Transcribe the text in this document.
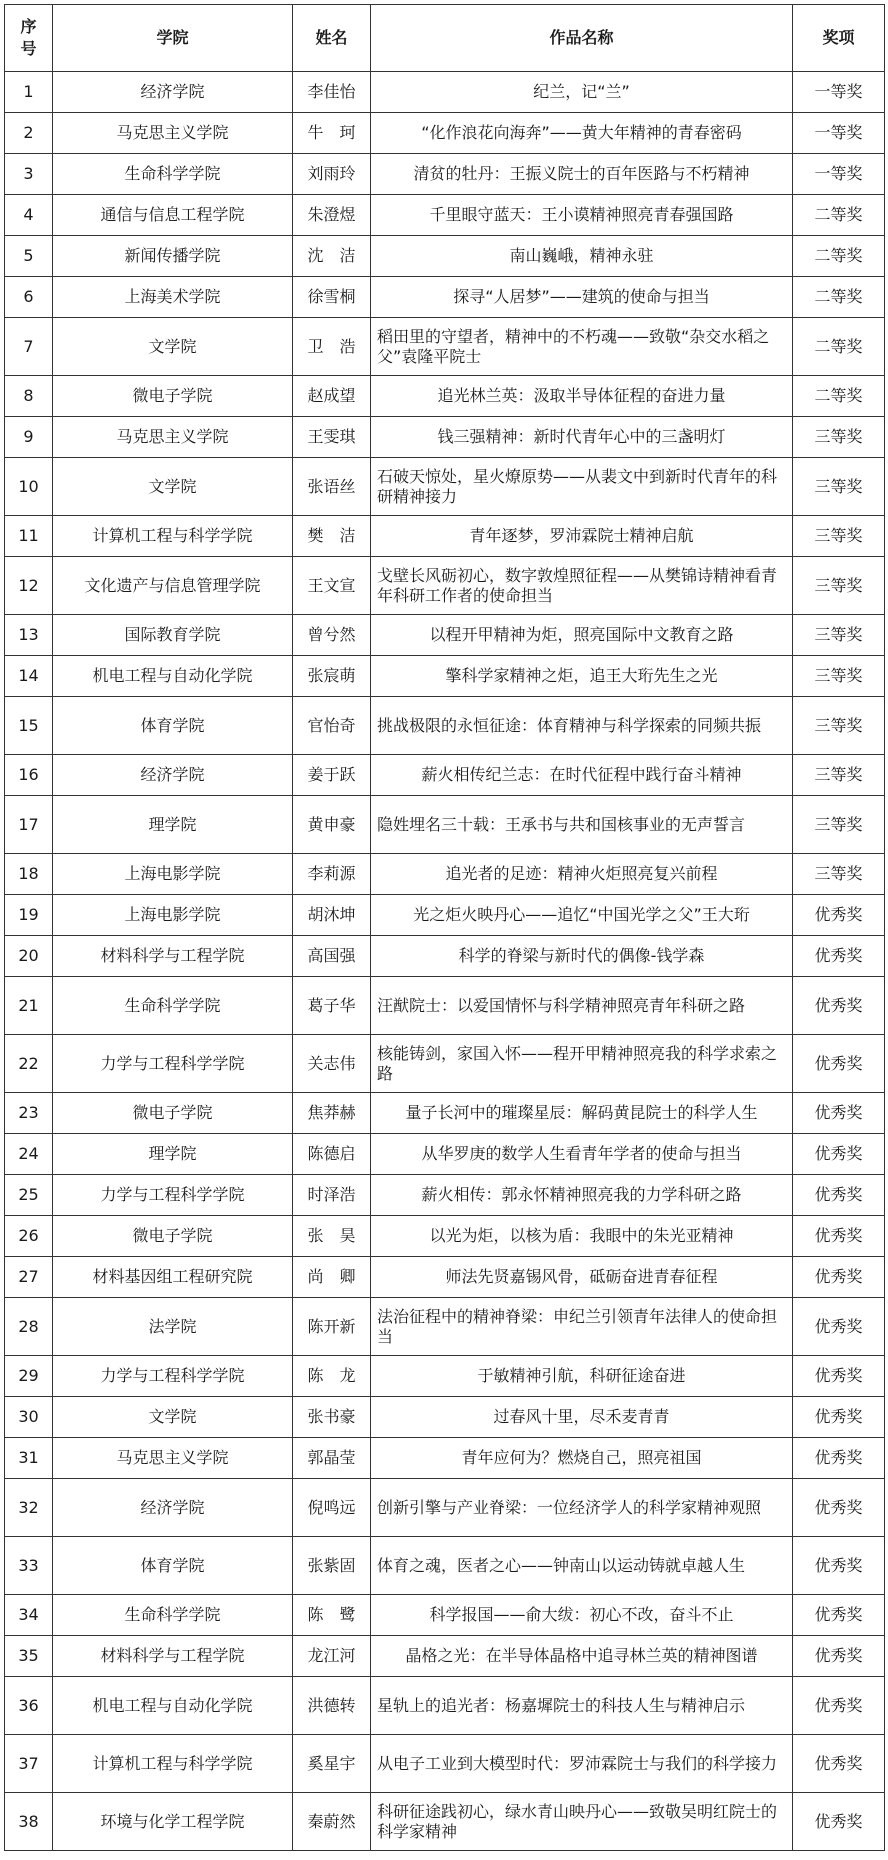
序
号	学院	姓名	作品名称	奖项
1	经济学院	李佳怡	纪兰，记“兰”	一等奖
2	马克思主义学院	牛　珂	“化作浪花向海奔”——黄大年精神的青春密码	一等奖
3	生命科学学院	刘雨玲	清贫的牡丹：王振义院士的百年医路与不朽精神	一等奖
4	通信与信息工程学院	朱澄煜	千里眼守蓝天：王小谟精神照亮青春强国路	二等奖
5	新闻传播学院	沈　洁	南山巍峨，精神永驻	二等奖
6	上海美术学院	徐雪桐	探寻“人居梦”——建筑的使命与担当	二等奖
7	文学院	卫　浩	稻田里的守望者，精神中的不朽魂——致敬“杂交水稻之父”袁隆平院士	二等奖
8	微电子学院	赵成望	追光林兰英：汲取半导体征程的奋进力量	二等奖
9	马克思主义学院	王雯琪	钱三强精神：新时代青年心中的三盏明灯	三等奖
10	文学院	张语丝	石破天惊处，星火燎原势——从裴文中到新时代青年的科研精神接力	三等奖
11	计算机工程与科学学院	樊　洁	青年逐梦，罗沛霖院士精神启航	三等奖
12	文化遗产与信息管理学院	王文宣	戈壁长风砺初心，数字敦煌照征程——从樊锦诗精神看青年科研工作者的使命担当	三等奖
13	国际教育学院	曾兮然	以程开甲精神为炬，照亮国际中文教育之路	三等奖
14	机电工程与自动化学院	张宸萌	擎科学家精神之炬，追王大珩先生之光	三等奖
15	体育学院	官怡奇	挑战极限的永恒征途：体育精神与科学探索的同频共振	三等奖
16	经济学院	姜于跃	薪火相传纪兰志：在时代征程中践行奋斗精神	三等奖
17	理学院	黄申豪	隐姓埋名三十载：王承书与共和国核事业的无声誓言	三等奖
18	上海电影学院	李莉源	追光者的足迹：精神火炬照亮复兴前程	三等奖
19	上海电影学院	胡沐坤	光之炬火映丹心——追忆“中国光学之父”王大珩	优秀奖
20	材料科学与工程学院	高国强	科学的脊梁与新时代的偶像-钱学森	优秀奖
21	生命科学学院	葛子华	汪猷院士：以爱国情怀与科学精神照亮青年科研之路	优秀奖
22	力学与工程科学学院	关志伟	核能铸剑，家国入怀——程开甲精神照亮我的科学求索之路	优秀奖
23	微电子学院	焦莽赫	量子长河中的璀璨星辰：解码黄昆院士的科学人生	优秀奖
24	理学院	陈德启	从华罗庚的数学人生看青年学者的使命与担当	优秀奖
25	力学与工程科学学院	时泽浩	薪火相传：郭永怀精神照亮我的力学科研之路	优秀奖
26	微电子学院	张　昊	以光为炬，以核为盾：我眼中的朱光亚精神	优秀奖
27	材料基因组工程研究院	尚　卿	师法先贤嘉锡风骨，砥砺奋进青春征程	优秀奖
28	法学院	陈开新	法治征程中的精神脊梁：申纪兰引领青年法律人的使命担当	优秀奖
29	力学与工程科学学院	陈　龙	于敏精神引航，科研征途奋进	优秀奖
30	文学院	张书豪	过春风十里，尽禾麦青青	优秀奖
31	马克思主义学院	郭晶莹	青年应何为？燃烧自己，照亮祖国	优秀奖
32	经济学院	倪鸣远	创新引擎与产业脊梁：一位经济学人的科学家精神观照	优秀奖
33	体育学院	张紫固	体育之魂，医者之心——钟南山以运动铸就卓越人生	优秀奖
34	生命科学学院	陈　鹭	科学报国——俞大绂：初心不改，奋斗不止	优秀奖
35	材料科学与工程学院	龙江河	晶格之光：在半导体晶格中追寻林兰英的精神图谱	优秀奖
36	机电工程与自动化学院	洪德转	星轨上的追光者：杨嘉墀院士的科技人生与精神启示	优秀奖
37	计算机工程与科学学院	奚星宇	从电子工业到大模型时代：罗沛霖院士与我们的科学接力	优秀奖
38	环境与化学工程学院	秦蔚然	科研征途践初心，绿水青山映丹心——致敬吴明红院士的科学家精神	优秀奖
